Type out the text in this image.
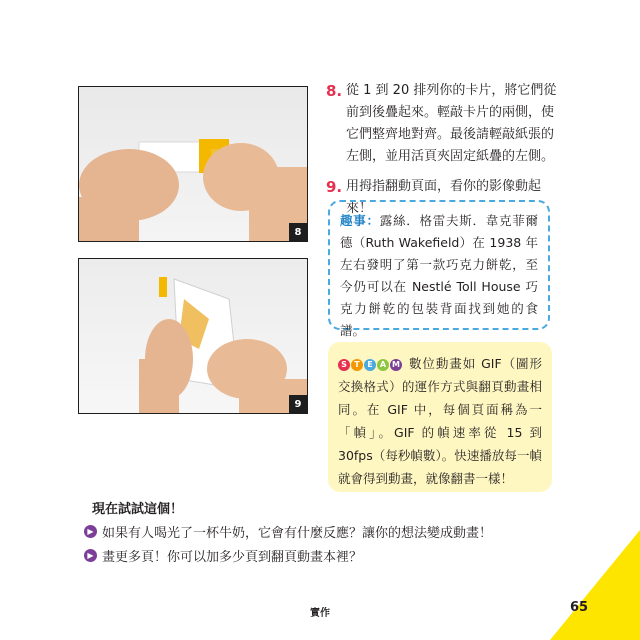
8
9
8. 從 1 到 20 排列你的卡片，將它們從前到後疊起來。輕敲卡片的兩側，使它們整齊地對齊。最後請輕敲紙張的左側，並用活頁夾固定紙疊的左側。
9. 用拇指翻動頁面，看你的影像動起來！
趣事：露絲．格雷夫斯．韋克菲爾德（Ruth Wakefield）在 1938 年左右發明了第一款巧克力餅乾，至今仍可以在 Nestlé Toll House 巧克力餅乾的包裝背面找到她的食譜。
S T E A M 數位動畫如 GIF（圖形交換格式）的運作方式與翻頁動畫相同。在 GIF 中，每個頁面稱為一「幀」。GIF 的幀速率從 15 到 30fps（每秒幀數）。快速播放每一幀就會得到動畫，就像翻書一樣！
現在試試這個！
▶ 如果有人喝光了一杯牛奶，它會有什麼反應？讓你的想法變成動畫！
▶ 畫更多頁！你可以加多少頁到翻頁動畫本裡？
實作	65
